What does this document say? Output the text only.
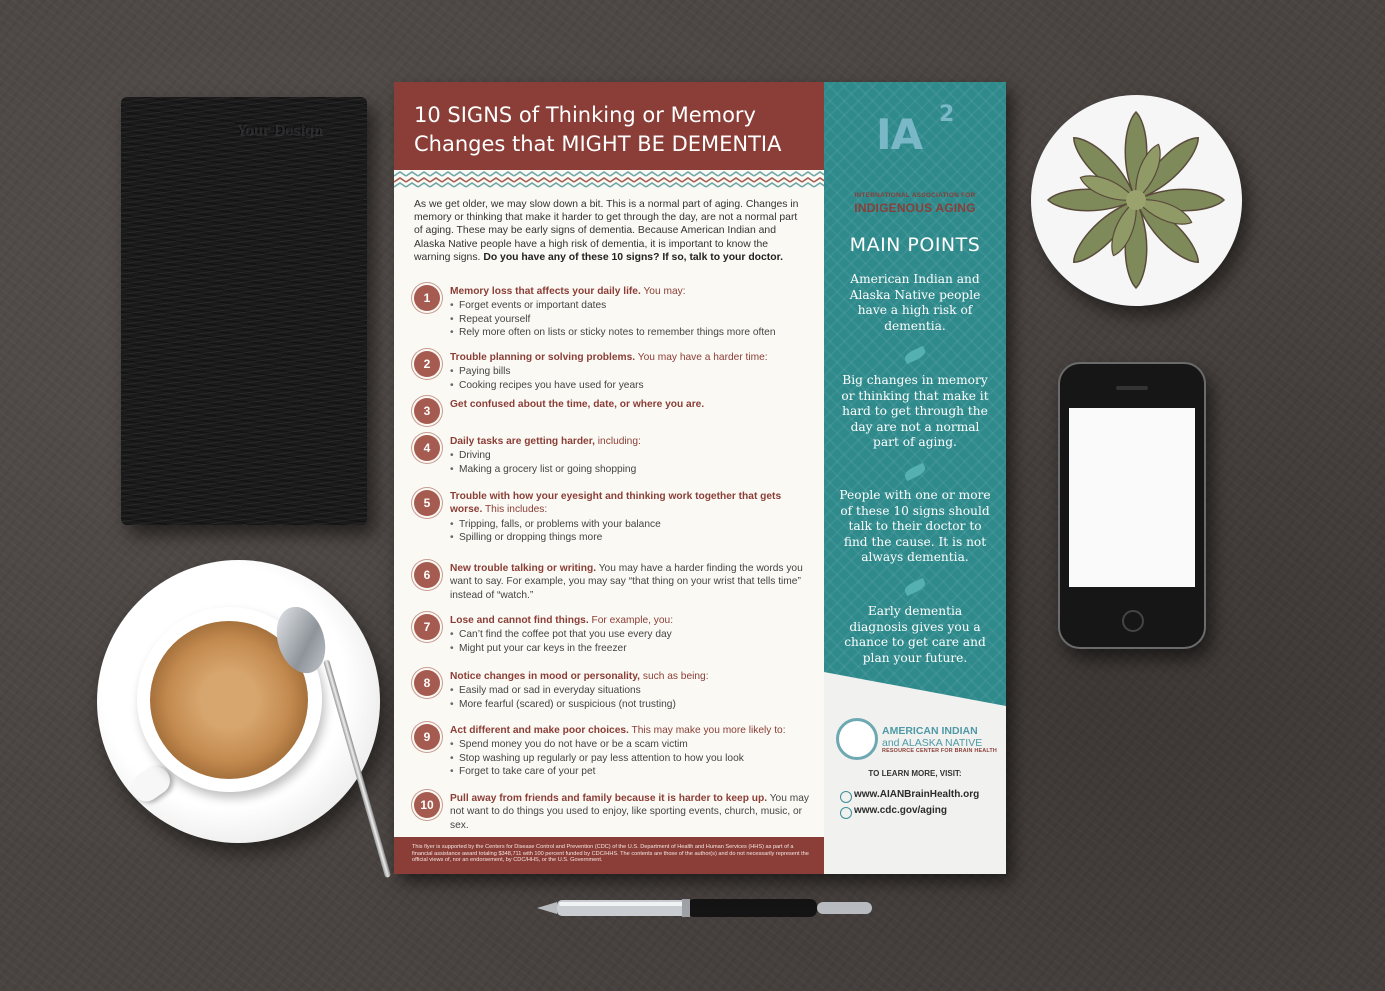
Your Design
10 SIGNS of Thinking or Memory
Changes that MIGHT BE DEMENTIA
As we get older, we may slow down a bit. This is a normal part of aging. Changes in memory or thinking that make it harder to get through the day, are not a normal part of aging. These may be early signs of dementia. Because American Indian and Alaska Native people have a high risk of dementia, it is important to know the warning signs. Do you have any of these 10 signs? If so, talk to your doctor.
1	Memory loss that affects your daily life. You may:
• Forget events or important dates
• Repeat yourself
• Rely more often on lists or sticky notes to remember things more often
2	Trouble planning or solving problems. You may have a harder time:
• Paying bills
• Cooking recipes you have used for years
3	Get confused about the time, date, or where you are.
4	Daily tasks are getting harder, including:
• Driving
• Making a grocery list or going shopping
5	Trouble with how your eyesight and thinking work together that gets worse. This includes:
• Tripping, falls, or problems with your balance
• Spilling or dropping things more
6	New trouble talking or writing. You may have a harder finding the words you want to say. For example, you may say “that thing on your wrist that tells time” instead of “watch.”
7	Lose and cannot find things. For example, you:
• Can’t find the coffee pot that you use every day
• Might put your car keys in the freezer
8	Notice changes in mood or personality, such as being:
• Easily mad or sad in everyday situations
• More fearful (scared) or suspicious (not trusting)
9	Act different and make poor choices. This may make you more likely to:
• Spend money you do not have or be a scam victim
• Stop washing up regularly or pay less attention to how you look
• Forget to take care of your pet
10	Pull away from friends and family because it is harder to keep up. You may not want to do things you used to enjoy, like sporting events, church, music, or sex.
This flyer is supported by the Centers for Disease Control and Prevention (CDC) of the U.S. Department of Health and Human Services (HHS) as part of a financial assistance award totaling $348,711 with 100 percent funded by CDC/HHS. The contents are those of the author(s) and do not necessarily represent the official views of, nor an endorsement, by CDC/HHS, or the U.S. Government.
IA 2
INTERNATIONAL ASSOCIATION FOR
INDIGENOUS AGING
MAIN POINTS
American Indian and Alaska Native people have a high risk of dementia.
Big changes in memory or thinking that make it hard to get through the day are not a normal part of aging.
People with one or more of these 10 signs should talk to their doctor to find the cause. It is not always dementia.
Early dementia diagnosis gives you a chance to get care and plan your future.
AMERICAN INDIAN
and ALASKA NATIVE
RESOURCE CENTER FOR BRAIN HEALTH
TO LEARN MORE, VISIT:
www.AIANBrainHealth.org
www.cdc.gov/aging
